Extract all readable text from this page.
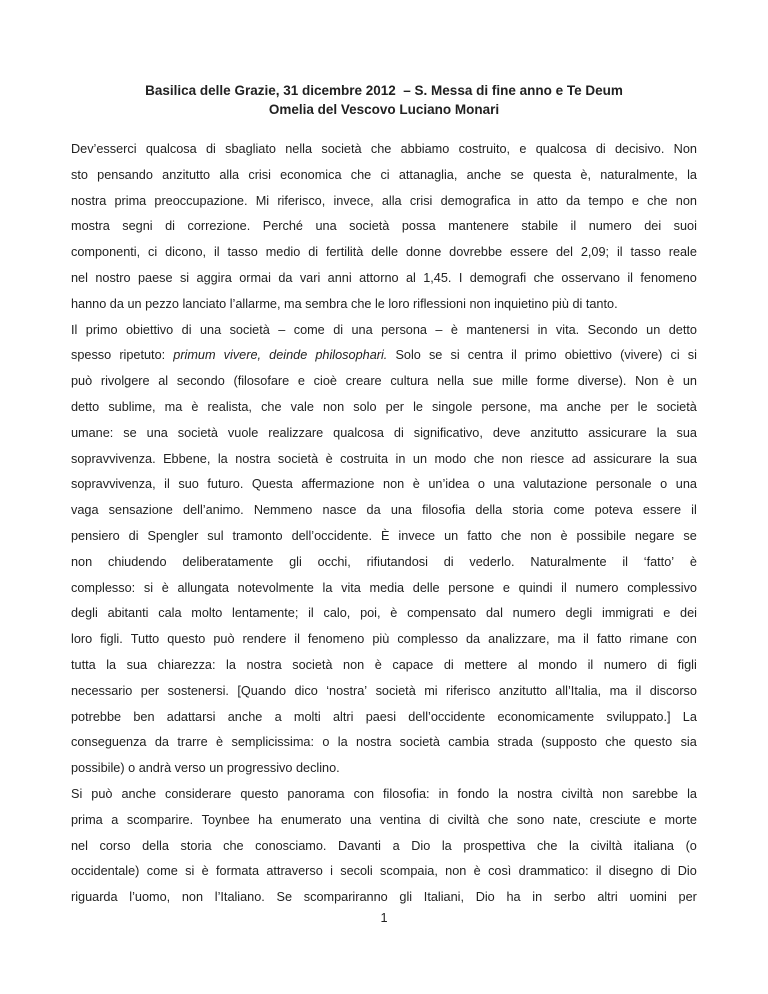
Basilica delle Grazie, 31 dicembre 2012  – S. Messa di fine anno e Te Deum
Omelia del Vescovo Luciano Monari
Dev’esserci qualcosa di sbagliato nella società che abbiamo costruito, e qualcosa di decisivo. Non
sto pensando anzitutto alla crisi economica che ci attanaglia, anche se questa è, naturalmente, la
nostra prima preoccupazione. Mi riferisco, invece, alla crisi demografica in atto da tempo e che non
mostra segni di correzione. Perché una società possa mantenere stabile il numero dei suoi
componenti, ci dicono, il tasso medio di fertilità delle donne dovrebbe essere del 2,09; il tasso reale
nel nostro paese si aggira ormai da vari anni attorno al 1,45. I demografi che osservano il fenomeno
hanno da un pezzo lanciato l’allarme, ma sembra che le loro riflessioni non inquietino più di tanto.
Il primo obiettivo di una società – come di una persona – è mantenersi in vita. Secondo un detto
spesso ripetuto: primum vivere, deinde philosophari. Solo se si centra il primo obiettivo (vivere) ci si
può rivolgere al secondo (filosofare e cioè creare cultura nella sue mille forme diverse). Non è un
detto sublime, ma è realista, che vale non solo per le singole persone, ma anche per le società
umane: se una società vuole realizzare qualcosa di significativo, deve anzitutto assicurare la sua
sopravvivenza. Ebbene, la nostra società è costruita in un modo che non riesce ad assicurare la sua
sopravvivenza, il suo futuro. Questa affermazione non è un’idea o una valutazione personale o una
vaga sensazione dell’animo. Nemmeno nasce da una filosofia della storia come poteva essere il
pensiero di Spengler sul tramonto dell’occidente. È invece un fatto che non è possibile negare se
non chiudendo deliberatamente gli occhi, rifiutandosi di vederlo. Naturalmente il ‘fatto’ è
complesso: si è allungata notevolmente la vita media delle persone e quindi il numero complessivo
degli abitanti cala molto lentamente; il calo, poi, è compensato dal numero degli immigrati e dei
loro figli. Tutto questo può rendere il fenomeno più complesso da analizzare, ma il fatto rimane con
tutta la sua chiarezza: la nostra società non è capace di mettere al mondo il numero di figli
necessario per sostenersi. [Quando dico ‘nostra’ società mi riferisco anzitutto all’Italia, ma il discorso
potrebbe ben adattarsi anche a molti altri paesi dell’occidente economicamente sviluppato.] La
conseguenza da trarre è semplicissima: o la nostra società cambia strada (supposto che questo sia
possibile) o andrà verso un progressivo declino.
Si può anche considerare questo panorama con filosofia: in fondo la nostra civiltà non sarebbe la
prima a scomparire. Toynbee ha enumerato una ventina di civiltà che sono nate, cresciute e morte
nel corso della storia che conosciamo. Davanti a Dio la prospettiva che la civiltà italiana (o
occidentale) come si è formata attraverso i secoli scompaia, non è così drammatico: il disegno di Dio
riguarda l’uomo, non l’Italiano. Se scompariranno gli Italiani, Dio ha in serbo altri uomini per
1
